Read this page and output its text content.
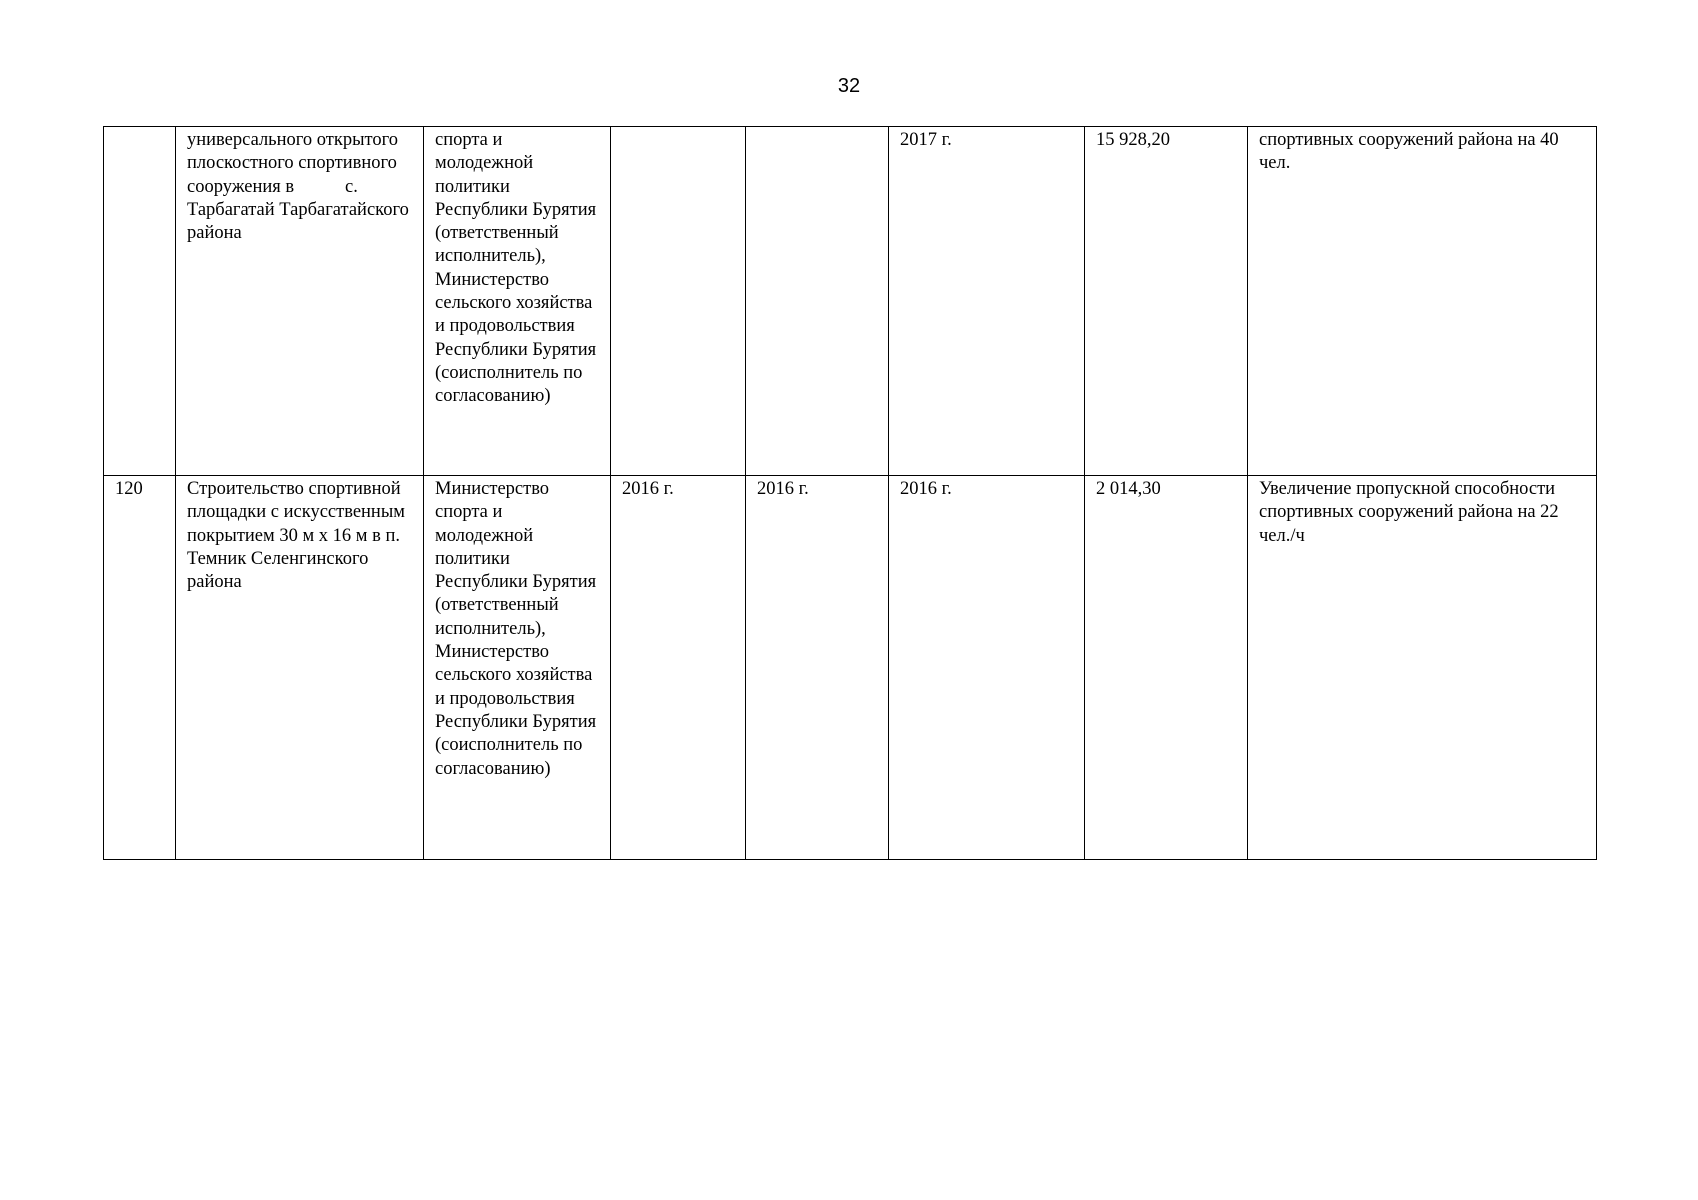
32
	универсального открытого плоскостного спортивного сооружения в           с. Тарбагатай Тарбагатайского района	спорта и молодежной политики Республики Бурятия (ответственный исполнитель), Министерство сельского хозяйства и продовольствия Республики Бурятия (соисполнитель по согласованию)			2017 г.	15 928,20	спортивных сооружений района на 40 чел.
120	Строительство спортивной площадки с искусственным покрытием 30 м х 16 м в п. Темник Селенгинского района	Министерство спорта и молодежной политики Республики Бурятия (ответственный исполнитель), Министерство сельского хозяйства и продовольствия Республики Бурятия (соисполнитель по согласованию)	2016 г.	2016 г.	2016 г.	2 014,30	Увеличение пропускной способности спортивных сооружений района на 22 чел./ч
